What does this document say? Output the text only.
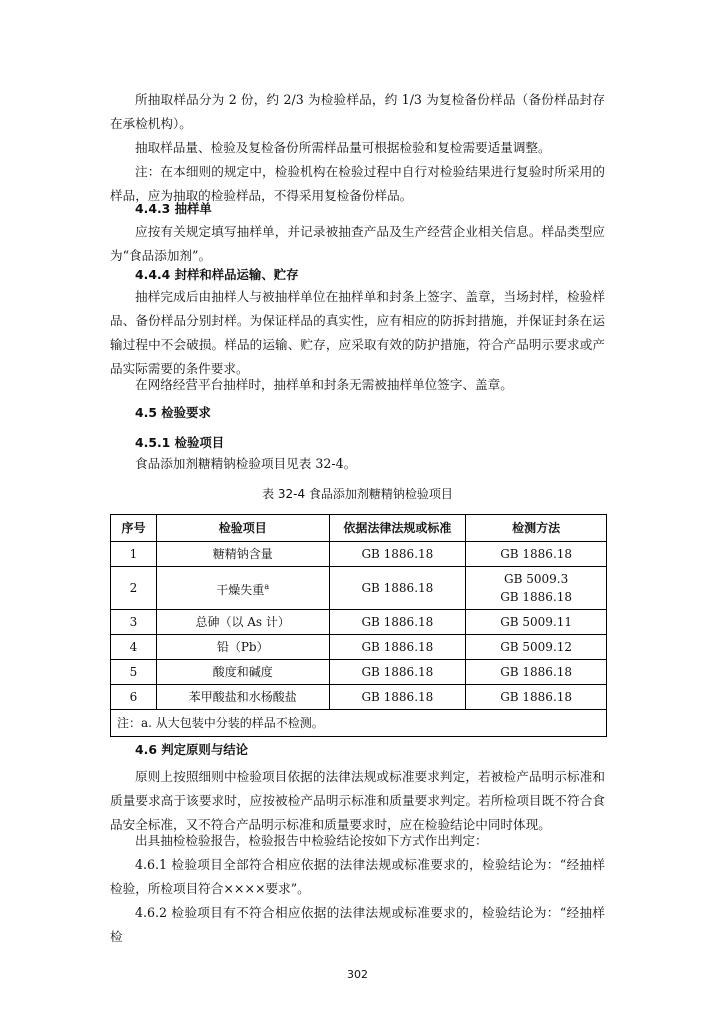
所抽取样品分为 2 份，约 2/3 为检验样品，约 1/3 为复检备份样品（备份样品封存在承检机构）。

抽取样品量、检验及复检备份所需样品量可根据检验和复检需要适量调整。

注：在本细则的规定中，检验机构在检验过程中自行对检验结果进行复验时所采用的样品，应为抽取的检验样品，不得采用复检备份样品。

4.4.3 抽样单

应按有关规定填写抽样单，并记录被抽查产品及生产经营企业相关信息。样品类型应为“食品添加剂”。

4.4.4 封样和样品运输、贮存

抽样完成后由抽样人与被抽样单位在抽样单和封条上签字、盖章，当场封样，检验样品、备份样品分别封样。为保证样品的真实性，应有相应的防拆封措施，并保证封条在运输过程中不会破损。样品的运输、贮存，应采取有效的防护措施，符合产品明示要求或产品实际需要的条件要求。

在网络经营平台抽样时，抽样单和封条无需被抽样单位签字、盖章。

4.5 检验要求

4.5.1 检验项目

食品添加剂糖精钠检验项目见表 32-4。

表 32-4 食品添加剂糖精钠检验项目
序号	检验项目	依据法律法规或标准	检测方法
1	糖精钠含量	GB 1886.18	GB 1886.18
2	干燥失重$^a$	GB 1886.18	GB 5009.3
GB 1886.18

3	总砷（以 As 计）	GB 1886.18	GB 5009.11
4	铅（Pb）	GB 1886.18	GB 5009.12
5	酸度和碱度	GB 1886.18	GB 1886.18
6	苯甲酸盐和水杨酸盐	GB 1886.18	GB 1886.18
注：a. 从大包装中分装的样品不检测。			

4.6 判定原则与结论

原则上按照细则中检验项目依据的法律法规或标准要求判定，若被检产品明示标准和质量要求高于该要求时，应按被检产品明示标准和质量要求判定。若所检项目既不符合食品安全标准，又不符合产品明示标准和质量要求时，应在检验结论中同时体现。

出具抽检检验报告，检验报告中检验结论按如下方式作出判定：

4.6.1 检验项目全部符合相应依据的法律法规或标准要求的，检验结论为：“经抽样检验，所检项目符合××××要求”。

4.6.2 检验项目有不符合相应依据的法律法规或标准要求的，检验结论为：“经抽样检

302
